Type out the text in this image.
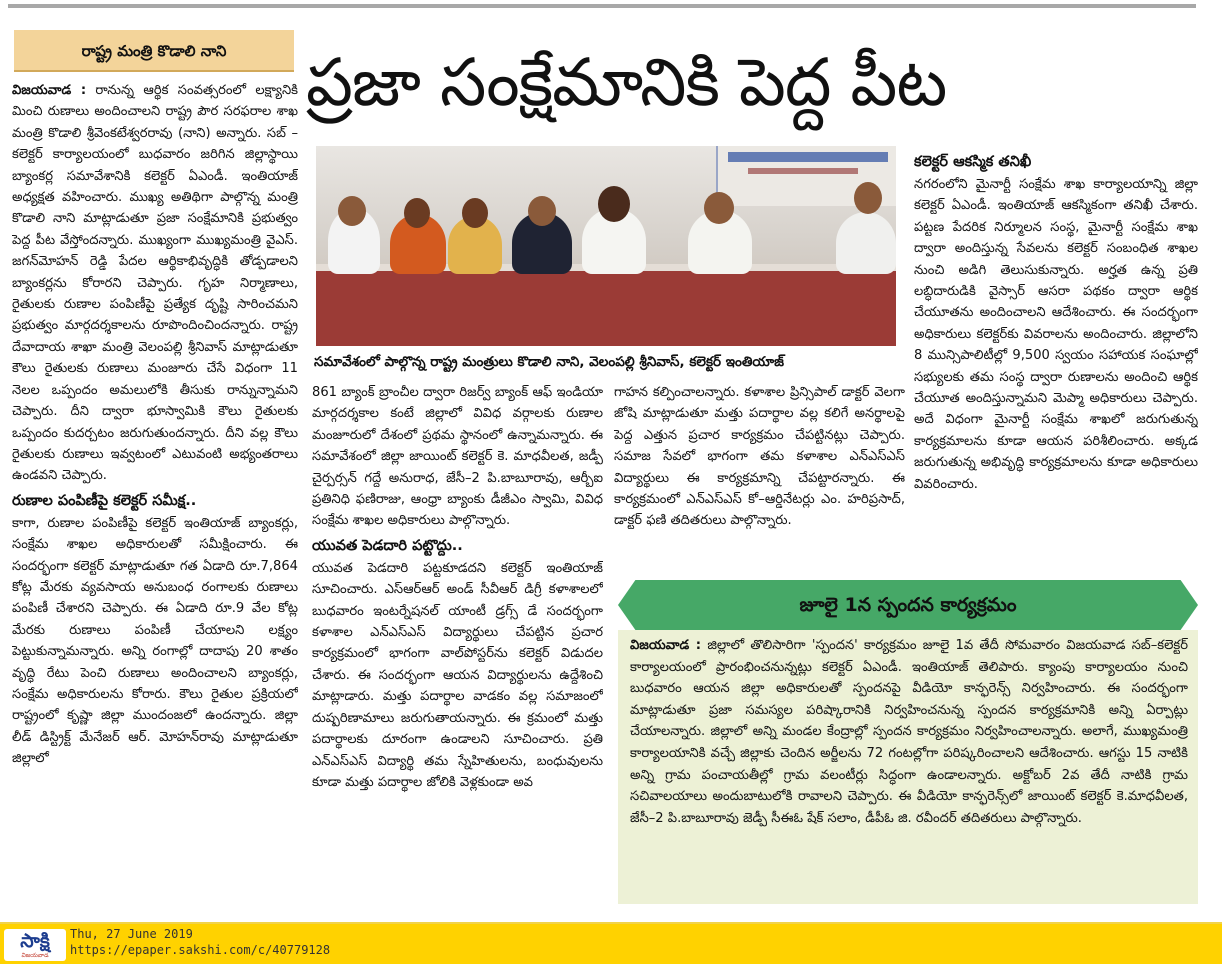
రాష్ట్ర మంత్రి కొడాలి నాని	ప్రజా సంక్షేమానికి పెద్ద పీట

విజయవాడ : రానున్న ఆర్థిక సంవత్సరంలో లక్ష్యానికి మించి రుణాలు అందించాలని రాష్ట్ర పౌర సరఫరాల శాఖ మంత్రి కొడాలి శ్రీవెంకటేశ్వరరావు (నాని) అన్నారు. సబ్ – కలెక్టర్ కార్యాలయంలో బుధవారం జరిగిన జిల్లాస్థాయి బ్యాంకర్ల సమావేశానికి కలెక్టర్ ఏఎండీ. ఇంతియాజ్ అధ్యక్షత వహించారు. ముఖ్య అతిథిగా పాల్గొన్న మంత్రి కొడాలి నాని మాట్లాడుతూ ప్రజా సంక్షేమానికి ప్రభుత్వం పెద్ద పీట వేస్తోందన్నారు. ముఖ్యంగా ముఖ్యమంత్రి వైఎస్. జగన్‌మోహన్ రెడ్డి పేదల ఆర్థికాభివృద్ధికి తోడ్పడాలని బ్యాంకర్లను కోరారని చెప్పారు. గృహ నిర్మాణాలు, రైతులకు రుణాల పంపిణీపై ప్రత్యేక దృష్టి సారించమని ప్రభుత్వం మార్గదర్శకాలను రూపొందించిందన్నారు. రాష్ట్ర దేవాదాయ శాఖా మంత్రి వెలంపల్లి శ్రీనివాస్ మాట్లాడుతూ కౌలు రైతులకు రుణాలు మంజూరు చేసే విధంగా 11 నెలల ఒప్పందం అమలులోకి తీసుకు రాన్నున్నామని చెప్పారు. దీని ద్వారా భూస్వామికి కౌలు రైతులకు ఒప్పందం కుదర్చటం జరుగుతుందన్నారు. దీని వల్ల కౌలు రైతులకు రుణాలు ఇవ్వటంలో ఎటువంటి అభ్యంతరాలు ఉండవని చెప్పారు.

రుణాల పంపిణీపై కలెక్టర్ సమీక్ష..

కాగా, రుణాల పంపిణీపై కలెక్టర్ ఇంతియాజ్ బ్యాంకర్లు, సంక్షేమ శాఖల అధికారులతో సమీక్షించారు. ఈ సందర్భంగా కలెక్టర్ మాట్లాడుతూ గత ఏడాది రూ.7,864 కోట్ల మేరకు వ్యవసాయ అనుబంధ రంగాలకు రుణాలు పంపిణీ చేశారని చెప్పారు. ఈ ఏడాది రూ.9 వేల కోట్ల మేరకు రుణాలు పంపిణీ చేయాలని లక్ష్యం పెట్టుకున్నామన్నారు. అన్ని రంగాల్లో దాదాపు 20 శాతం వృద్ధి రేటు పెంచి రుణాలు అందించాలని బ్యాంకర్లు, సంక్షేమ అధికారులను కోరారు. కౌలు రైతుల ప్రక్రియలో రాష్ట్రంలో కృష్ణా జిల్లా ముందంజలో ఉందన్నారు. జిల్లా లీడ్ డిస్ట్రిక్ట్ మేనేజర్ ఆర్. మోహన్‌రావు మాట్లాడుతూ జిల్లాలో

సమావేశంలో పాల్గొన్న రాష్ట్ర మంత్రులు కొడాలి నాని, వెలంపల్లి శ్రీనివాస్, కలెక్టర్ ఇంతియాజ్

861 బ్యాంక్ బ్రాంచీల ద్వారా రిజర్వ్ బ్యాంక్ ఆఫ్ ఇండియా మార్గదర్శకాల కంటే జిల్లాలో వివిధ వర్గాలకు రుణాల మంజూరులో దేశంలో ప్రథమ స్థానంలో ఉన్నామన్నారు. ఈ సమావేశంలో జిల్లా జాయింట్ కలెక్టర్ కె. మాధవీలత, జడ్పీ చైర్పర్సన్ గద్దే అనురాధ, జేసీ–2 పి.బాబూరావు, ఆర్బీఐ ప్రతినిధి ఫణిరాజు, ఆంధ్రా బ్యాంకు డీజీఎం స్వామి, వివిధ సంక్షేమ శాఖల అధికారులు పాల్గొన్నారు.

యువత పెడదారి పట్టొద్దు..

యువత పెడదారి పట్టకూడదని కలెక్టర్ ఇంతియాజ్ సూచించారు. ఎస్ఆర్ఆర్ అండ్ సీవీఆర్ డిగ్రీ కళాశాలలో బుధవారం ఇంటర్నేషనల్ యాంటీ డ్రగ్స్ డే సందర్భంగా కళాశాల ఎన్ఎస్ఎస్ విద్యార్థులు చేపట్టిన ప్రచార కార్యక్రమంలో భాగంగా వాల్‌పోస్టర్‌ను కలెక్టర్ విడుదల చేశారు. ఈ సందర్భంగా ఆయన విద్యార్థులను ఉద్దేశించి మాట్లాడారు. మత్తు పదార్థాల వాడకం వల్ల సమాజంలో దుష్పరిణామాలు జరుగుతాయన్నారు. ఈ క్రమంలో మత్తు పదార్థాలకు దూరంగా ఉండాలని సూచించారు. ప్రతి ఎన్ఎస్ఎస్ విద్యార్థి తమ స్నేహితులను, బంధువులను కూడా మత్తు పదార్థాల జోలికి వెళ్లకుండా అవ

గాహన కల్పించాలన్నారు. కళాశాల ప్రిన్సిపాల్ డాక్టర్ వెలగా జోషి మాట్లాడుతూ మత్తు పదార్థాల వల్ల కలిగే అనర్థాలపై పెద్ద ఎత్తున ప్రచార కార్యక్రమం చేపట్టినట్లు చెప్పారు. సమాజ సేవలో భాగంగా తమ కళాశాల ఎన్ఎస్ఎస్ విద్యార్థులు ఈ కార్యక్రమాన్ని చేపట్టారన్నారు. ఈ కార్యక్రమంలో ఎన్ఎస్ఎస్ కో–ఆర్డినేటర్లు ఎం. హరిప్రసాద్, డాక్టర్ ఫణి తదితరులు పాల్గొన్నారు.

కలెక్టర్ ఆకస్మిక తనిఖీ

నగరంలోని మైనార్టీ సంక్షేమ శాఖ కార్యాలయాన్ని జిల్లా కలెక్టర్ ఏఎండీ. ఇంతియాజ్ ఆకస్మికంగా తనిఖీ చేశారు. పట్టణ పేదరిక నిర్మూలన సంస్థ, మైనార్టీ సంక్షేమ శాఖ ద్వారా అందిస్తున్న సేవలను కలెక్టర్ సంబంధిత శాఖల నుంచి అడిగి తెలుసుకున్నారు. అర్హత ఉన్న ప్రతి లబ్ధిదారుడికి వైస్సార్ ఆసరా పథకం ద్వారా ఆర్థిక చేయూతను అందించాలని ఆదేశించారు. ఈ సందర్భంగా అధికారులు కలెక్టర్‌కు వివరాలను అందించారు. జిల్లాలోని 8 మున్సిపాలిటీల్లో 9,500 స్వయం సహాయక సంఘాల్లో సభ్యులకు తమ సంస్థ ద్వారా రుణాలను అందించి ఆర్థిక చేయూత అందిస్తున్నామని మెప్మా అధికారులు చెప్పారు. అదే విధంగా మైనార్టీ సంక్షేమ శాఖలో జరుగుతున్న కార్యక్రమాలను కూడా ఆయన పరిశీలించారు. అక్కడ జరుగుతున్న అభివృద్ధి కార్యక్రమాలను కూడా అధికారులు వివరించారు.

జూలై 1న స్పందన కార్యక్రమం
విజయవాడ : జిల్లాలో తొలిసారిగా 'స్పందన' కార్యక్రమం జూలై 1వ తేదీ సోమవారం విజయవాడ సబ్–కలెక్టర్ కార్యాలయంలో ప్రారంభించనున్నట్లు కలెక్టర్ ఏఎండీ. ఇంతియాజ్ తెలిపారు. క్యాంపు కార్యాలయం నుంచి బుధవారం ఆయన జిల్లా అధికారులతో స్పందనపై వీడియో కాన్ఫరెన్స్ నిర్వహించారు. ఈ సందర్భంగా మాట్లాడుతూ ప్రజా సమస్యల పరిష్కారానికి నిర్వహించనున్న స్పందన కార్యక్రమానికి అన్ని ఏర్పాట్లు చేయాలన్నారు. జిల్లాలో అన్ని మండల కేంద్రాల్లో స్పందన కార్యక్రమం నిర్వహించాలన్నారు. అలాగే, ముఖ్యమంత్రి కార్యాలయానికి వచ్చే జిల్లాకు చెందిన అర్జీలను 72 గంటల్లోగా పరిష్కరించాలని ఆదేశించారు. ఆగస్టు 15 నాటికి అన్ని గ్రామ పంచాయతీల్లో గ్రామ వలంటీర్లు సిద్ధంగా ఉండాలన్నారు. అక్టోబర్ 2వ తేదీ నాటికి గ్రామ సచివాలయాలు అందుబాటులోకి రావాలని చెప్పారు. ఈ వీడియో కాన్ఫరెన్స్‌లో జాయింట్ కలెక్టర్ కె.మాధవీలత, జేసీ–2 పి.బాబూరావు జెడ్పీ సీఈఓ షేక్ సలాం, డీపీఓ జి. రవీందర్ తదితరులు పాల్గొన్నారు.
సాక్షి
విజయవాడ
Thu, 27 June 2019
https://epaper.sakshi.com/c/40779128
